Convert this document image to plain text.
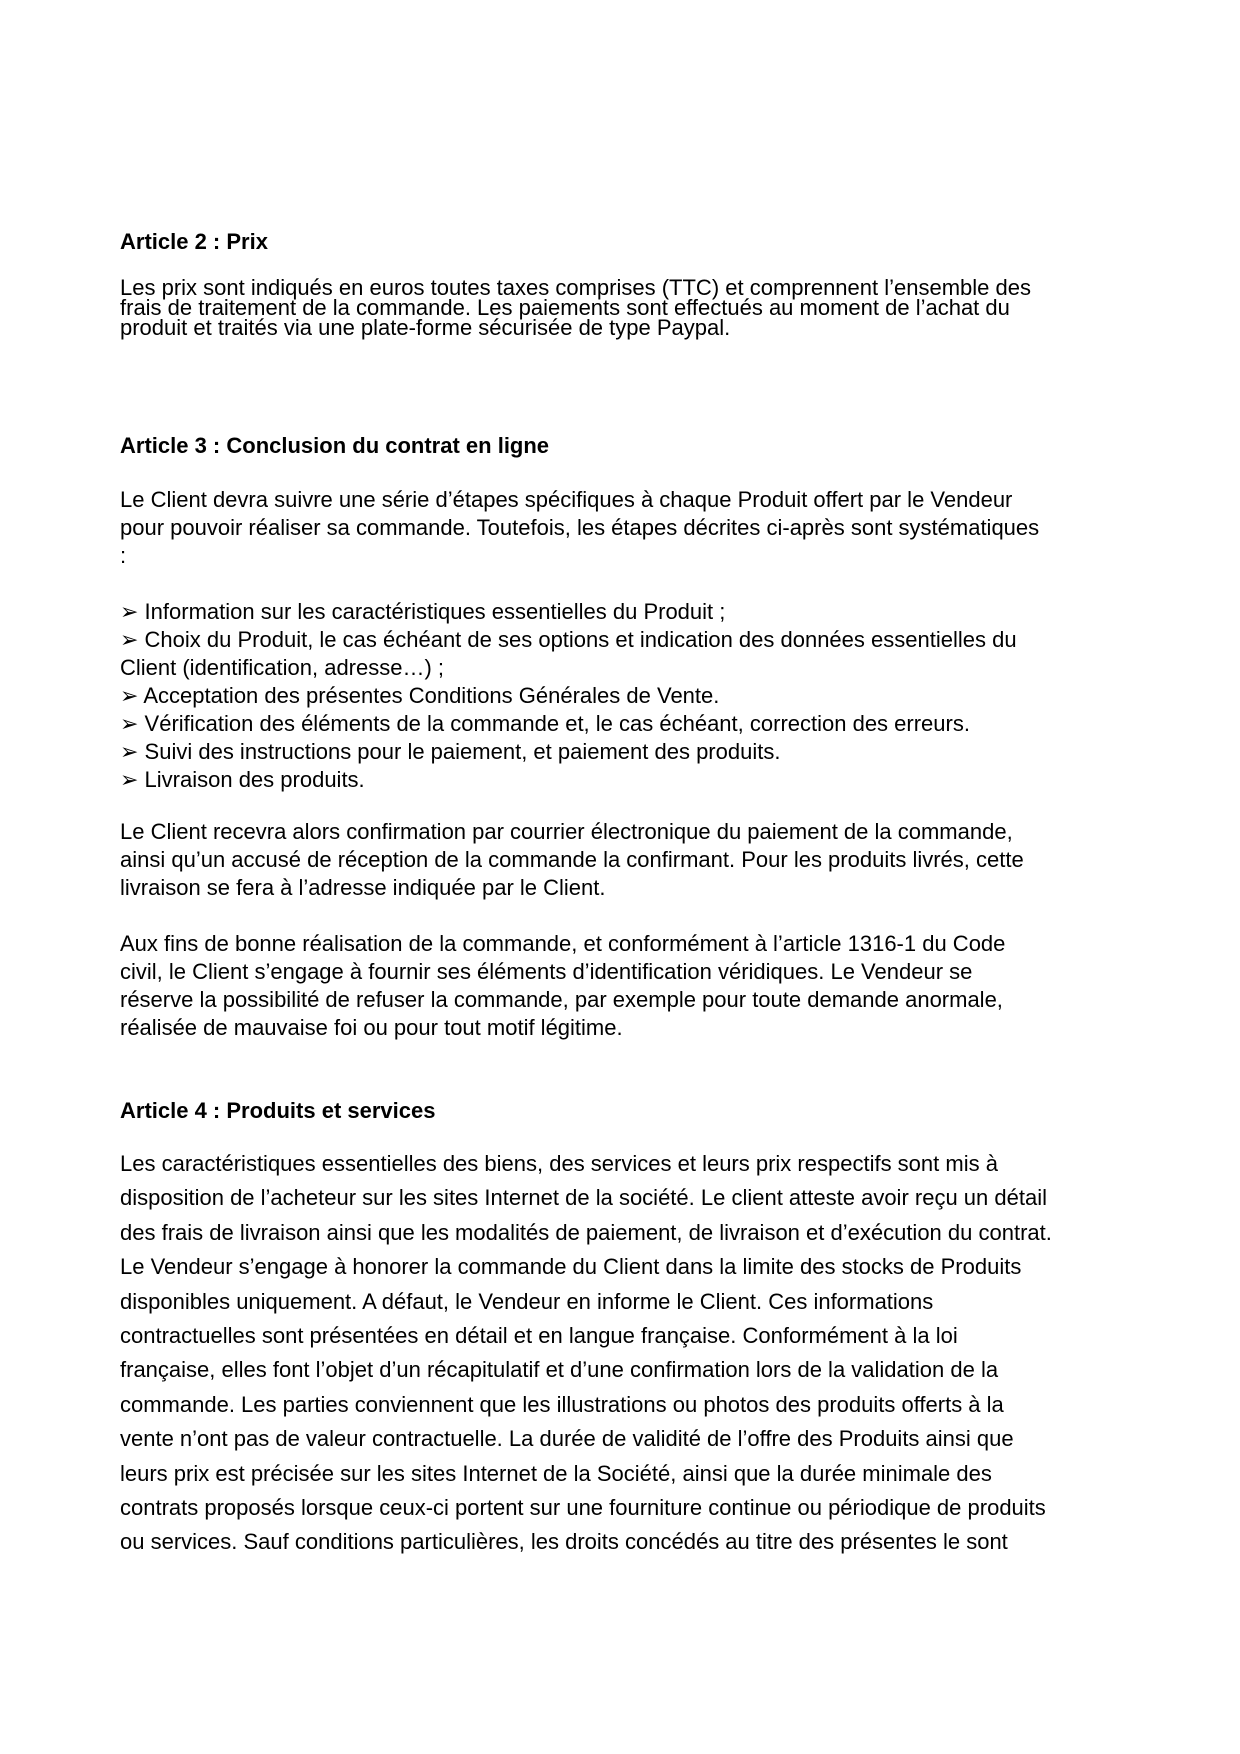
Article 2 : Prix
Les prix sont indiqués en euros toutes taxes comprises (TTC) et comprennent l’ensemble des
frais de traitement de la commande. Les paiements sont effectués au moment de l’achat du
produit et traités via une plate-forme sécurisée de type Paypal.
Article 3 : Conclusion du contrat en ligne
Le Client devra suivre une série d’étapes spécifiques à chaque Produit offert par le Vendeur
pour pouvoir réaliser sa commande. Toutefois, les étapes décrites ci-après sont systématiques
:
➢ Information sur les caractéristiques essentielles du Produit ;
➢ Choix du Produit, le cas échéant de ses options et indication des données essentielles du
Client (identification, adresse…) ;
➢ Acceptation des présentes Conditions Générales de Vente.
➢ Vérification des éléments de la commande et, le cas échéant, correction des erreurs.
➢ Suivi des instructions pour le paiement, et paiement des produits.
➢ Livraison des produits.
Le Client recevra alors confirmation par courrier électronique du paiement de la commande,
ainsi qu’un accusé de réception de la commande la confirmant. Pour les produits livrés, cette
livraison se fera à l’adresse indiquée par le Client.
Aux fins de bonne réalisation de la commande, et conformément à l’article 1316-1 du Code
civil, le Client s’engage à fournir ses éléments d’identification véridiques. Le Vendeur se
réserve la possibilité de refuser la commande, par exemple pour toute demande anormale,
réalisée de mauvaise foi ou pour tout motif légitime.
Article 4 : Produits et services
Les caractéristiques essentielles des biens, des services et leurs prix respectifs sont mis à
disposition de l’acheteur sur les sites Internet de la société. Le client atteste avoir reçu un détail
des frais de livraison ainsi que les modalités de paiement, de livraison et d’exécution du contrat.
Le Vendeur s’engage à honorer la commande du Client dans la limite des stocks de Produits
disponibles uniquement. A défaut, le Vendeur en informe le Client. Ces informations
contractuelles sont présentées en détail et en langue française. Conformément à la loi
française, elles font l’objet d’un récapitulatif et d’une confirmation lors de la validation de la
commande. Les parties conviennent que les illustrations ou photos des produits offerts à la
vente n’ont pas de valeur contractuelle. La durée de validité de l’offre des Produits ainsi que
leurs prix est précisée sur les sites Internet de la Société, ainsi que la durée minimale des
contrats proposés lorsque ceux-ci portent sur une fourniture continue ou périodique de produits
ou services. Sauf conditions particulières, les droits concédés au titre des présentes le sont
